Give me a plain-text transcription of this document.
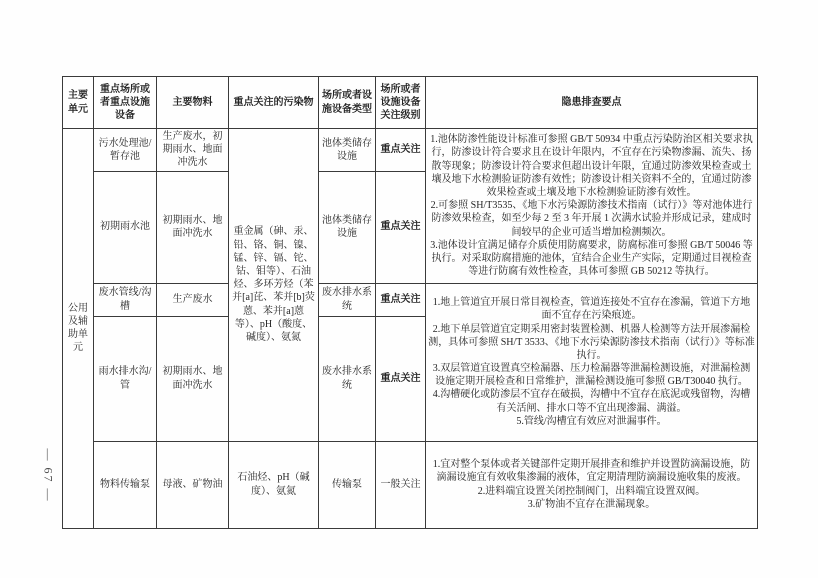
— 67 —
主要单元	重点场所或者重点设施设备	主要物料	重点关注的污染物	场所或者设施设备类型	场所或者设施设备关注级别	隐患排查要点
公用及辅助单元	污水处理池/暂存池	生产废水，初期雨水、地面冲洗水	重金属（砷、汞、铅、铬、铜、镍、锰、锌、镉、铊、钴、钼等）、石油烃、多环芳烃（苯并[a]芘、苯并[b]荧蒽、苯并[a]蒽等）、pH（酸度、碱度）、氨氮	池体类储存设施	重点关注	1.池体防渗性能设计标准可参照 GB/T 50934 中重点污染防治区相关要求执行，防渗设计符合要求且在设计年限内，不宜存在污染物渗漏、流失、扬散等现象；防渗设计符合要求但超出设计年限，宜通过防渗效果检查或土壤及地下水检测验证防渗有效性；防渗设计相关资料不全的，宜通过防渗效果检查或土壤及地下水检测验证防渗有效性。

2.可参照 SH/T3535、《地下水污染源防渗技术指南（试行）》等对池体进行防渗效果检查，如至少每 2 至 3 年开展 1 次满水试验并形成记录，建成时间较早的企业可适当增加检测频次。

3.池体设计宜满足储存介质使用防腐要求，防腐标准可参照 GB/T 50046 等执行。对采取防腐措施的池体，宜结合企业生产实际，定期通过目视检查等进行防腐有效性检查，具体可参照 GB 50212 等执行。

	初期雨水池	初期雨水、地面冲洗水		池体类储存设施	重点关注	
	废水管线/沟槽	生产废水		废水排水系统	重点关注	1.地上管道宜开展日常目视检查，管道连接处不宜存在渗漏，管道下方地面不宜存在污染痕迹。

2.地下单层管道宜定期采用密封装置检测、机器人检测等方法开展渗漏检测，具体可参照 SH/T 3533、《地下水污染源防渗技术指南（试行）》等标准执行。

3.双层管道宜设置真空检漏器、压力检漏器等泄漏检测设施，对泄漏检测设施定期开展检查和日常维护，泄漏检测设施可参照 GB/T30040 执行。

4.沟槽硬化或防渗层不宜存在破损，沟槽中不宜存在底泥或残留物，沟槽有关活闸、排水口等不宜出现渗漏、满溢。

5.管线/沟槽宜有效应对泄漏事件。

	雨水排水沟/管	初期雨水、地面冲洗水		废水排水系统	重点关注	
	物料传输泵	母液、矿物油	石油烃、pH（碱度）、氨氮	传输泵	一般关注	1.宜对整个泵体或者关键部件定期开展排查和维护并设置防滴漏设施，防滴漏设施宜有效收集渗漏的液体，宜定期清理防滴漏设施收集的废液。

2.进料端宜设置关闭控制阀门，出料端宜设置双阀。

3.矿物油不宜存在泄漏现象。
